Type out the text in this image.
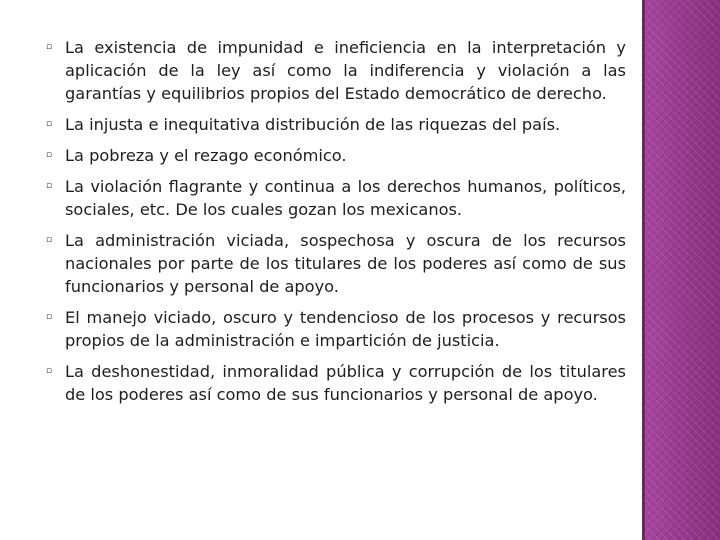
▫ La existencia de impunidad e ineficiencia en la interpretación y aplicación de la ley así como la indiferencia y violación a las garantías y equilibrios propios del Estado democrático de derecho.
▫ La injusta e inequitativa distribución de las riquezas del país.
▫ La pobreza y el rezago económico.
▫ La violación flagrante y continua a los derechos humanos, políticos, sociales, etc. De los cuales gozan los mexicanos.
▫ La administración viciada, sospechosa y oscura de los recursos nacionales por parte de los titulares de los poderes así como de sus funcionarios y personal de apoyo.
▫ El manejo viciado, oscuro y tendencioso de los procesos y recursos propios de la administración e impartición de justicia.
▫ La deshonestidad, inmoralidad pública y corrupción de los titulares de los poderes así como de sus funcionarios y personal de apoyo.
